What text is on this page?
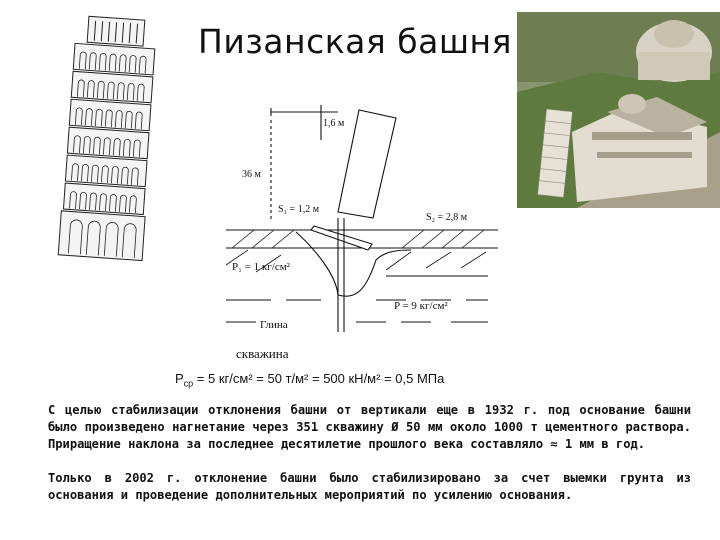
Пизанская башня
1,6 м
36 м
S₁ = 1,2 м
S₂ = 2,8 м
P₁ = 1 кг/см²
P = 9 кг/см²
Глина
скважина
$P_{ср} = 5$ кг/см² = 50 т/м² = 500 кН/м² = 0,5 МПа

С целью стабилизации отклонения башни от вертикали еще в 1932 г. под основание башни было произведено нагнетание через 351 скважину Ø 50 мм около 1000 т цементного раствора. Приращение наклона за последнее десятилетие прошлого века составляло ≈ 1 мм в год.

Только в 2002 г. отклонение башни было стабилизировано за счет выемки грунта из основания и проведение дополнительных мероприятий по усилению основания.
